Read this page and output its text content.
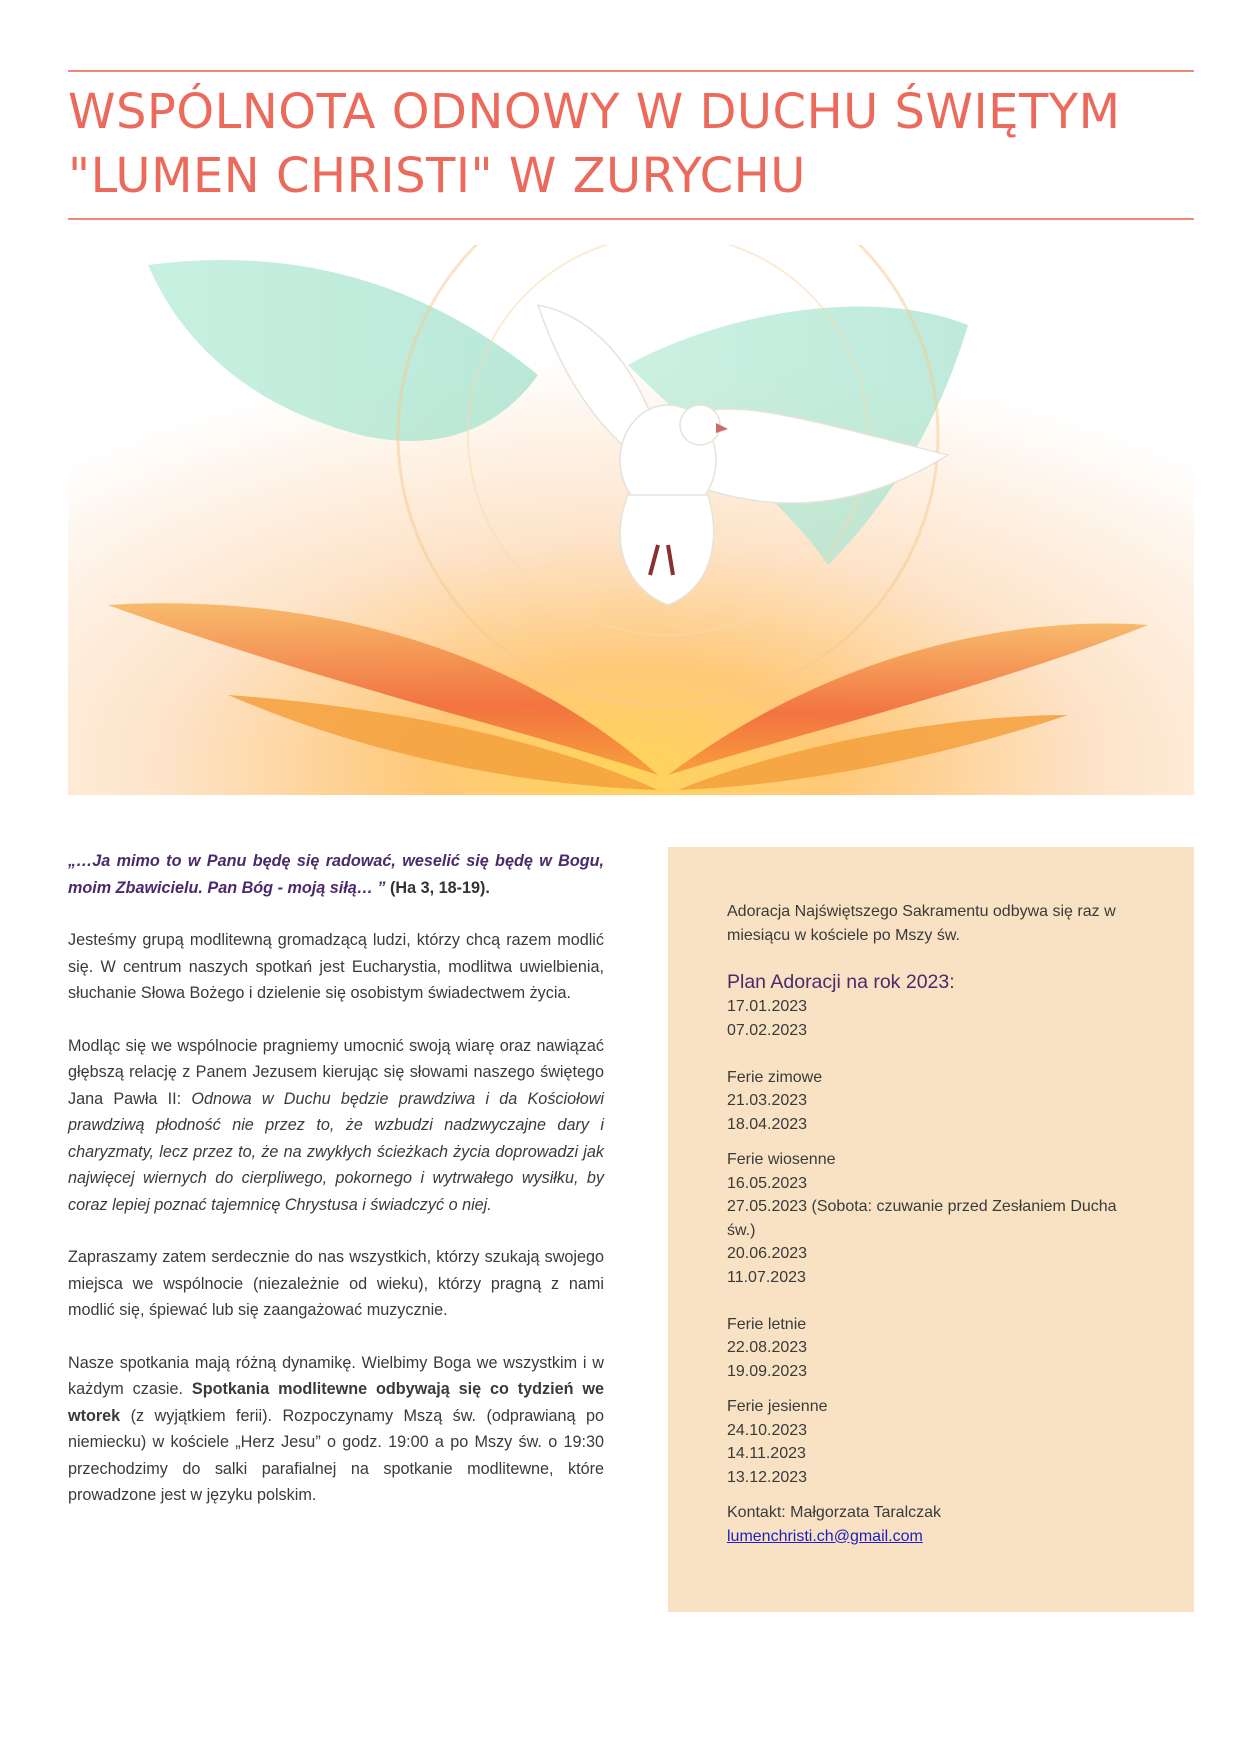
WSPÓLNOTA ODNOWY W DUCHU ŚWIĘTYM
"LUMEN CHRISTI" W ZURYCHU

„…Ja mimo to w Panu będę się radować, weselić się będę w Bogu, moim Zbawicielu. Pan Bóg - moją siłą… ” (Ha 3, 18-19).

Jesteśmy grupą modlitewną gromadzącą ludzi, którzy chcą razem modlić się. W centrum naszych spotkań jest Eucharystia, modlitwa uwielbienia, słuchanie Słowa Bożego i dzielenie się osobistym świadectwem życia.

Modląc się we wspólnocie pragniemy umocnić swoją wiarę oraz nawiązać głębszą relację z Panem Jezusem kierując się słowami naszego świętego Jana Pawła II: Odnowa w Duchu będzie prawdziwa i da Kościołowi prawdziwą płodność nie przez to, że wzbudzi nadzwyczajne dary i charyzmaty, lecz przez to, że na zwykłych ścieżkach życia doprowadzi jak najwięcej wiernych do cierpliwego, pokornego i wytrwałego wysiłku, by coraz lepiej poznać tajemnicę Chrystusa i świadczyć o niej.

Zapraszamy zatem serdecznie do nas wszystkich, którzy szukają swojego miejsca we wspólnocie (niezależnie od wieku), którzy pragną z nami modlić się, śpiewać lub się zaangażować muzycznie.

Nasze spotkania mają różną dynamikę. Wielbimy Boga we wszystkim i w każdym czasie. Spotkania modlitewne odbywają się co tydzień we wtorek (z wyjątkiem ferii). Rozpoczynamy Mszą św. (odprawianą po niemiecku) w kościele „Herz Jesu” o godz. 19:00 a po Mszy św. o 19:30 przechodzimy do salki parafialnej na spotkanie modlitewne, które prowadzone jest w języku polskim.

Adoracja Najświętszego Sakramentu odbywa się raz w miesiącu w kościele po Mszy św.

Plan Adoracji na rok 2023:

17.01.2023
07.02.2023
Ferie zimowe
21.03.2023
18.04.2023
Ferie wiosenne
16.05.2023
27.05.2023 (Sobota: czuwanie przed Zesłaniem Ducha św.)
20.06.2023
11.07.2023
Ferie letnie
22.08.2023
19.09.2023
Ferie jesienne
24.10.2023
14.11.2023
13.12.2023
Kontakt: Małgorzata Taralczak
lumenchristi.ch@gmail.com
